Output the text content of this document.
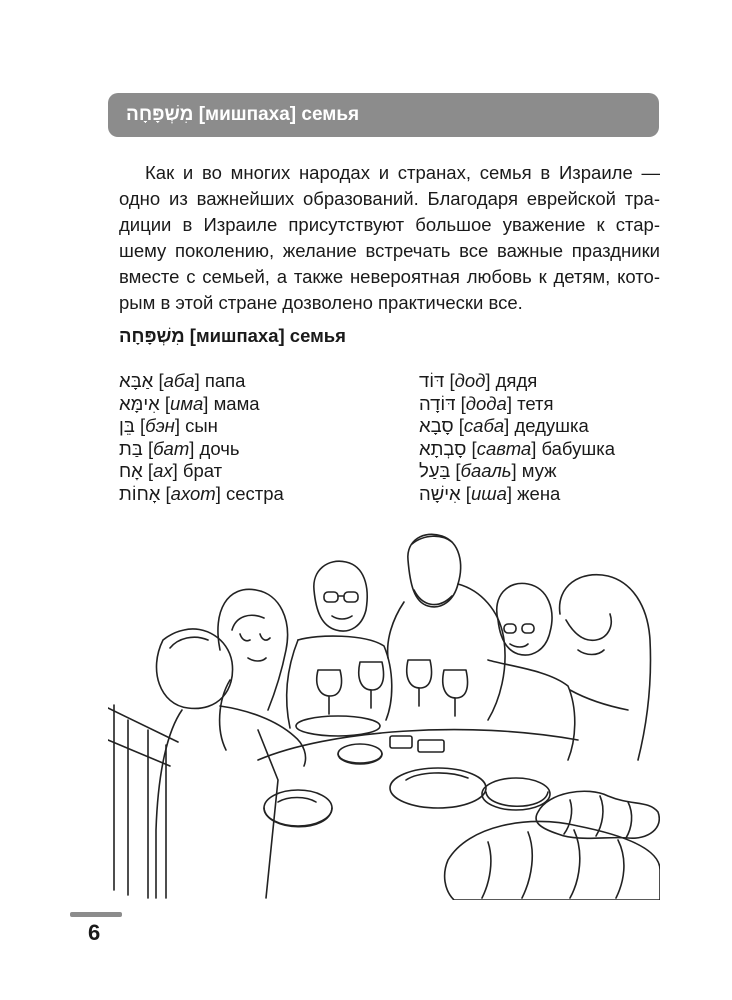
מִשְׁפָּחָה [мишпаха] семья
Как и во многих народах и странах, семья в Израиле —
одно из важнейших образований. Благодаря еврейской тра-
диции в Израиле присутствуют большое уважение к стар-
шему поколению, желание встречать все важные праздники
вместе с семьей, а также невероятная любовь к детям, кото-
рым в этой стране дозволено практически все.
מִשְׁפָּחָה [мишпаха] семья
אַבָּא [аба] папа
אִימָּא [има] мама
בֵּן [бэн] сын
בַּת [бат] дочь
אָח [ах] брат
אָחוֹת [ахот] сестра
דּוֹד [дод] дядя
דּוֹדָה [дода] тетя
סָבָא [саба] дедушка
סָבְתָא [савта] бабушка
בַּעַל [бааль] муж
אִישָׁה [иша] жена
6
